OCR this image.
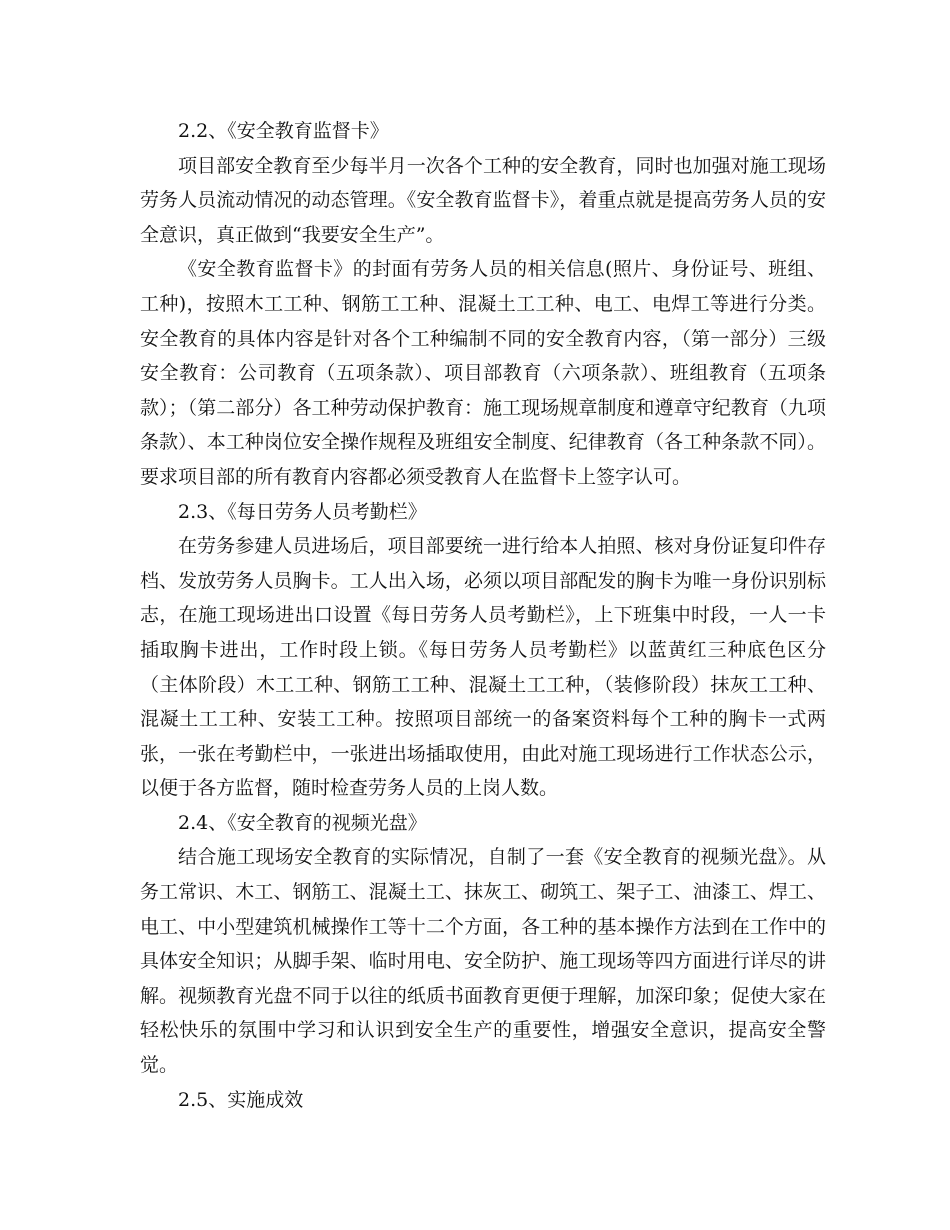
2.2、《安全教育监督卡》

项目部安全教育至少每半月一次各个工种的安全教育，同时也加强对施工现场劳务人员流动情况的动态管理。《安全教育监督卡》，着重点就是提高劳务人员的安全意识，真正做到“我要安全生产”。

《安全教育监督卡》的封面有劳务人员的相关信息(照片、身份证号、班组、工种)，按照木工工种、钢筋工工种、混凝土工工种、电工、电焊工等进行分类。安全教育的具体内容是针对各个工种编制不同的安全教育内容，（第一部分）三级安全教育：公司教育（五项条款）、项目部教育（六项条款）、班组教育（五项条款）；（第二部分）各工种劳动保护教育：施工现场规章制度和遵章守纪教育（九项条款）、本工种岗位安全操作规程及班组安全制度、纪律教育（各工种条款不同）。要求项目部的所有教育内容都必须受教育人在监督卡上签字认可。

2.3、《每日劳务人员考勤栏》

在劳务参建人员进场后，项目部要统一进行给本人拍照、核对身份证复印件存档、发放劳务人员胸卡。工人出入场，必须以项目部配发的胸卡为唯一身份识别标志，在施工现场进出口设置《每日劳务人员考勤栏》，上下班集中时段，一人一卡插取胸卡进出，工作时段上锁。《每日劳务人员考勤栏》以蓝黄红三种底色区分（主体阶段）木工工种、钢筋工工种、混凝土工工种，（装修阶段）抹灰工工种、混凝土工工种、安装工工种。按照项目部统一的备案资料每个工种的胸卡一式两张，一张在考勤栏中，一张进出场插取使用，由此对施工现场进行工作状态公示，以便于各方监督，随时检查劳务人员的上岗人数。

2.4、《安全教育的视频光盘》

结合施工现场安全教育的实际情况，自制了一套《安全教育的视频光盘》。从务工常识、木工、钢筋工、混凝土工、抹灰工、砌筑工、架子工、油漆工、焊工、电工、中小型建筑机械操作工等十二个方面，各工种的基本操作方法到在工作中的具体安全知识；从脚手架、临时用电、安全防护、施工现场等四方面进行详尽的讲解。视频教育光盘不同于以往的纸质书面教育更便于理解，加深印象；促使大家在轻松快乐的氛围中学习和认识到安全生产的重要性，增强安全意识，提高安全警觉。

2.5、实施成效
